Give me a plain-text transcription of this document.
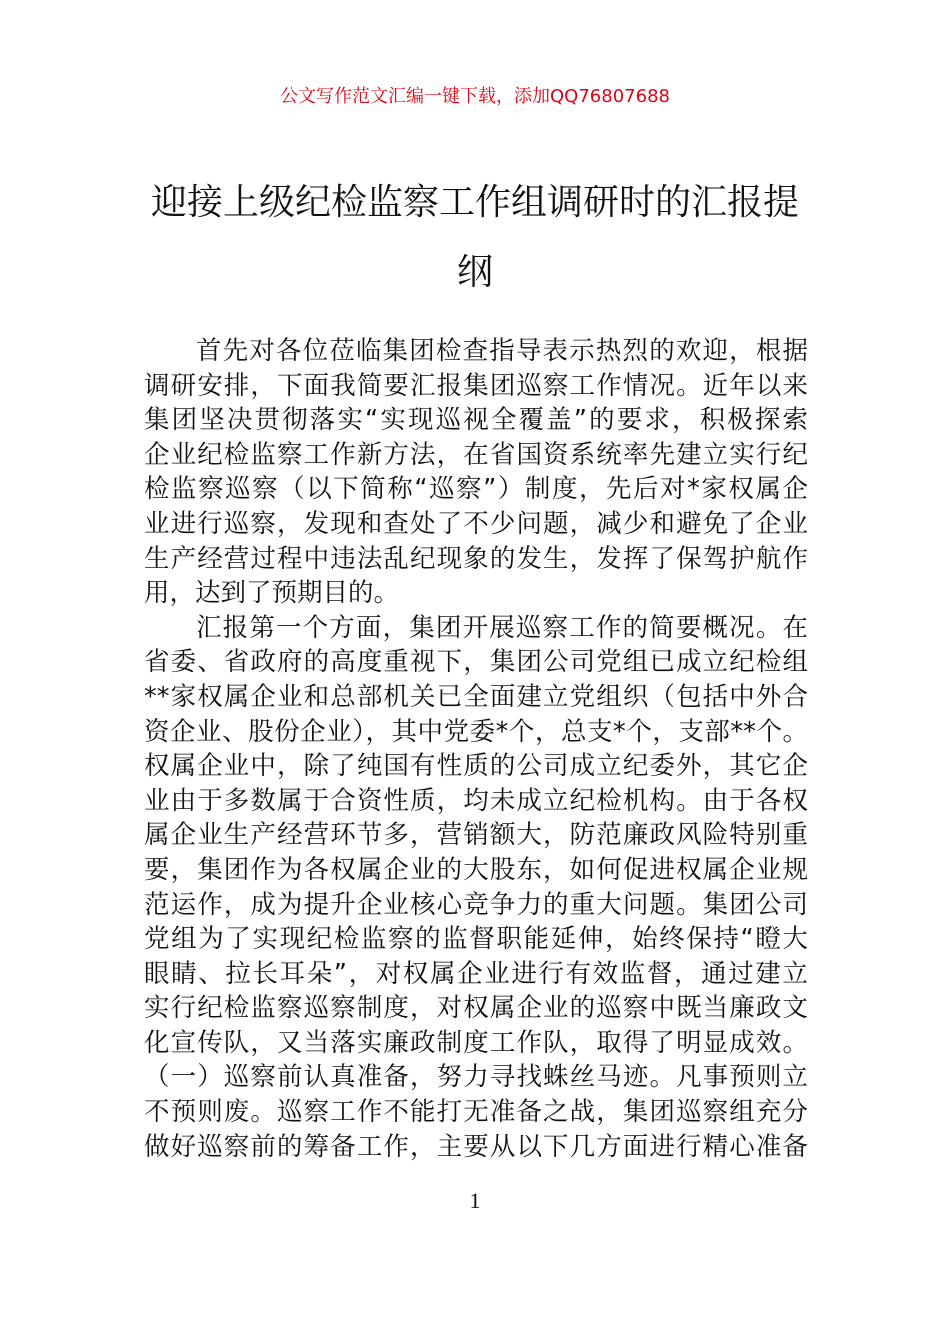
公文写作范文汇编一键下载，添加QQ76807688
迎接上级纪检监察工作组调研时的汇报提
纲
首先对各位莅临集团检查指导表示热烈的欢迎，根据
调研安排，下面我简要汇报集团巡察工作情况。近年以来
集团坚决贯彻落实“实现巡视全覆盖”的要求，积极探索
企业纪检监察工作新方法，在省国资系统率先建立实行纪
检监察巡察（以下简称“巡察”）制度，先后对*家权属企
业进行巡察，发现和查处了不少问题，减少和避免了企业
生产经营过程中违法乱纪现象的发生，发挥了保驾护航作
用，达到了预期目的。
汇报第一个方面，集团开展巡察工作的简要概况。在
省委、省政府的高度重视下，集团公司党组已成立纪检组
**家权属企业和总部机关已全面建立党组织（包括中外合
资企业、股份企业），其中党委*个，总支*个，支部**个。
权属企业中，除了纯国有性质的公司成立纪委外，其它企
业由于多数属于合资性质，均未成立纪检机构。由于各权
属企业生产经营环节多，营销额大，防范廉政风险特别重
要，集团作为各权属企业的大股东，如何促进权属企业规
范运作，成为提升企业核心竞争力的重大问题。集团公司
党组为了实现纪检监察的监督职能延伸，始终保持“瞪大
眼睛、拉长耳朵”，对权属企业进行有效监督，通过建立
实行纪检监察巡察制度，对权属企业的巡察中既当廉政文
化宣传队，又当落实廉政制度工作队，取得了明显成效。
（一）巡察前认真准备，努力寻找蛛丝马迹。凡事预则立
不预则废。巡察工作不能打无准备之战，集团巡察组充分
做好巡察前的筹备工作，主要从以下几方面进行精心准备
1
